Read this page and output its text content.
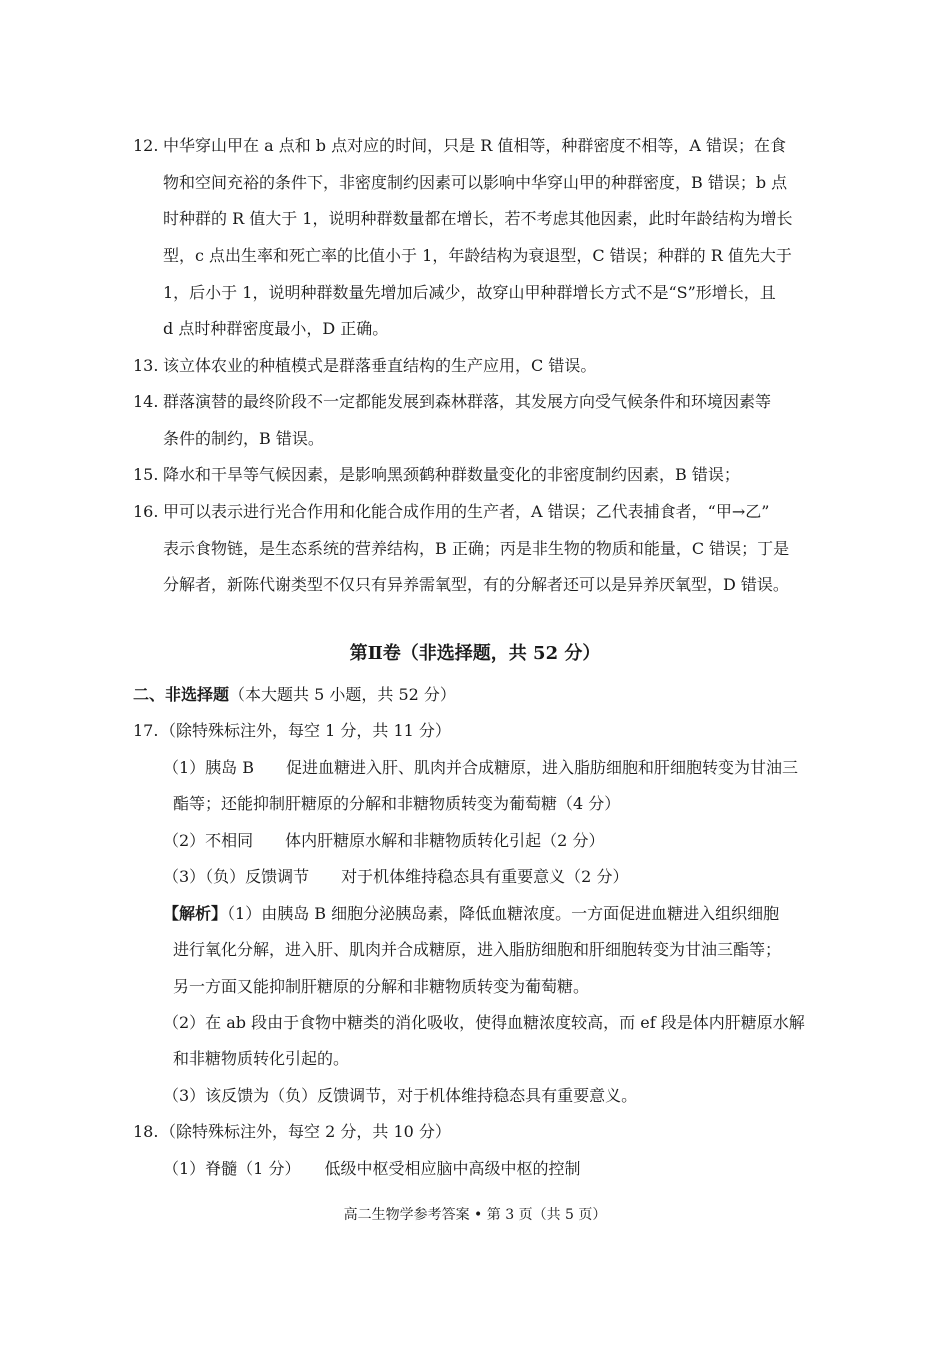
12. 中华穿山甲在 a 点和 b 点对应的时间，只是 R 值相等，种群密度不相等，A 错误；在食
物和空间充裕的条件下，非密度制约因素可以影响中华穿山甲的种群密度，B 错误；b 点
时种群的 R 值大于 1，说明种群数量都在增长，若不考虑其他因素，此时年龄结构为增长
型，c 点出生率和死亡率的比值小于 1，年龄结构为衰退型，C 错误；种群的 R 值先大于
1，后小于 1，说明种群数量先增加后减少，故穿山甲种群增长方式不是“S”形增长，且
d 点时种群密度最小，D 正确。
13. 该立体农业的种植模式是群落垂直结构的生产应用，C 错误。
14. 群落演替的最终阶段不一定都能发展到森林群落，其发展方向受气候条件和环境因素等
条件的制约，B 错误。
15. 降水和干旱等气候因素，是影响黑颈鹤种群数量变化的非密度制约因素，B 错误；
16. 甲可以表示进行光合作用和化能合成作用的生产者，A 错误；乙代表捕食者，“甲→乙”
表示食物链，是生态系统的营养结构，B 正确；丙是非生物的物质和能量，C 错误；丁是
分解者，新陈代谢类型不仅只有异养需氧型，有的分解者还可以是异养厌氧型，D 错误。
第Ⅱ卷（非选择题，共 52 分）
二、非选择题（本大题共 5 小题，共 52 分）
17. （除特殊标注外，每空 1 分，共 11 分）
（1）胰岛 B　　促进血糖进入肝、肌肉并合成糖原，进入脂肪细胞和肝细胞转变为甘油三
酯等；还能抑制肝糖原的分解和非糖物质转变为葡萄糖（4 分）
（2）不相同　　体内肝糖原水解和非糖物质转化引起（2 分）
（3）（负）反馈调节　　对于机体维持稳态具有重要意义（2 分）
【解析】（1）由胰岛 B 细胞分泌胰岛素，降低血糖浓度。一方面促进血糖进入组织细胞
进行氧化分解，进入肝、肌肉并合成糖原，进入脂肪细胞和肝细胞转变为甘油三酯等；
另一方面又能抑制肝糖原的分解和非糖物质转变为葡萄糖。
（2）在 ab 段由于食物中糖类的消化吸收，使得血糖浓度较高，而 ef 段是体内肝糖原水解
和非糖物质转化引起的。
（3）该反馈为（负）反馈调节，对于机体维持稳态具有重要意义。
18. （除特殊标注外，每空 2 分，共 10 分）
（1）脊髓（1 分）　　低级中枢受相应脑中高级中枢的控制
高二生物学参考答案 • 第 3 页（共 5 页）
